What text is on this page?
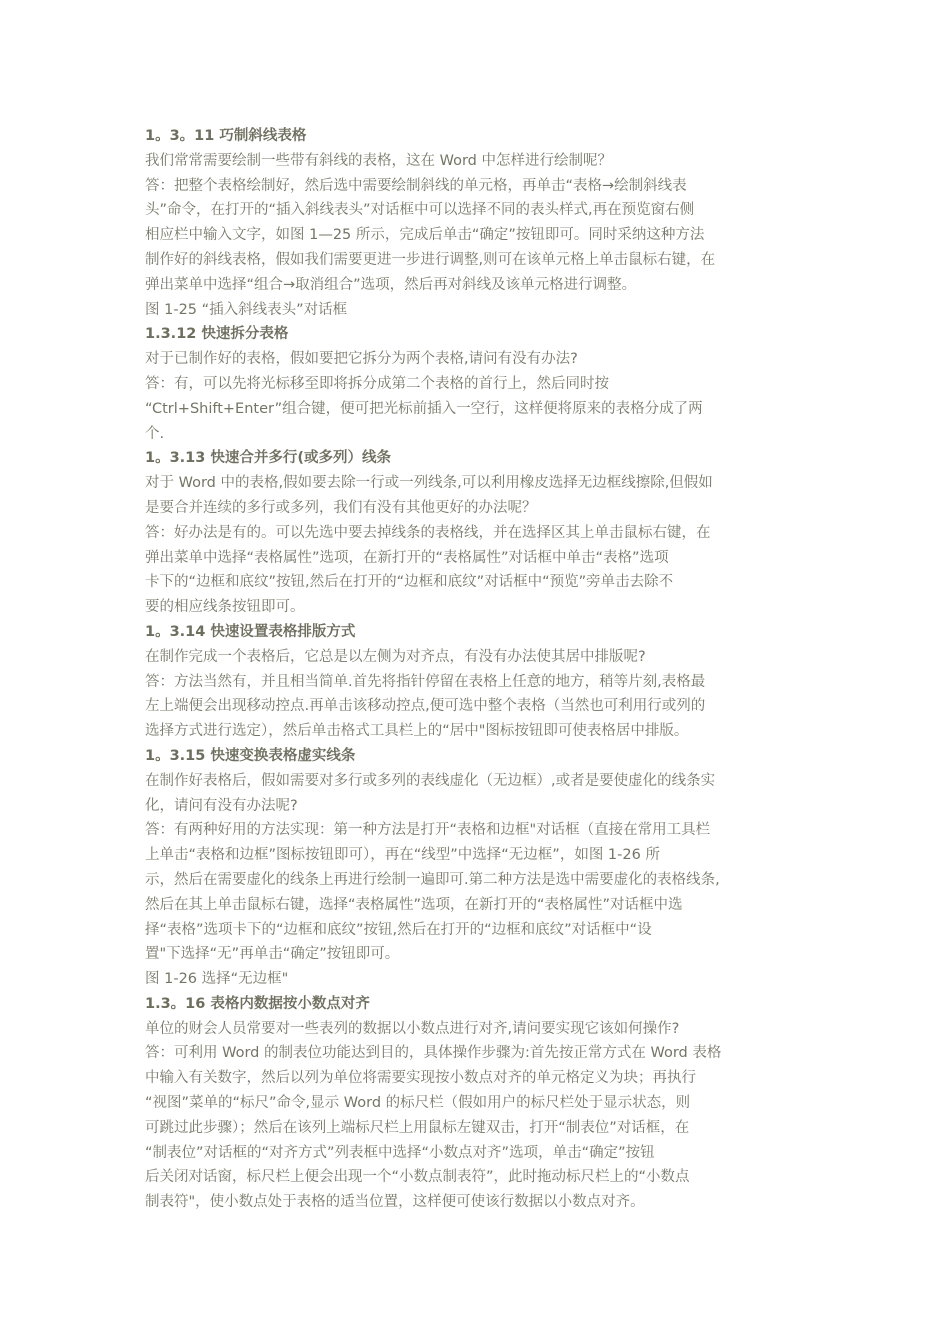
1。3。11 巧制斜线表格
我们常常需要绘制一些带有斜线的表格，这在 Word 中怎样进行绘制呢？
答：把整个表格绘制好，然后选中需要绘制斜线的单元格，再单击“表格→绘制斜线表
头”命令，在打开的“插入斜线表头”对话框中可以选择不同的表头样式,再在预览窗右侧
相应栏中输入文字，如图 1—25 所示，完成后单击“确定”按钮即可。同时采纳这种方法
制作好的斜线表格，假如我们需要更进一步进行调整,则可在该单元格上单击鼠标右键，在
弹出菜单中选择“组合→取消组合”选项，然后再对斜线及该单元格进行调整。
图 1-25 “插入斜线表头”对话框
1.3.12 快速拆分表格
对于已制作好的表格，假如要把它拆分为两个表格,请问有没有办法?
答：有，可以先将光标移至即将拆分成第二个表格的首行上，然后同时按
“Ctrl+Shift+Enter”组合键，便可把光标前插入一空行，这样便将原来的表格分成了两
个.
1。3.13 快速合并多行(或多列）线条
对于 Word 中的表格,假如要去除一行或一列线条,可以利用橡皮选择无边框线擦除,但假如
是要合并连续的多行或多列，我们有没有其他更好的办法呢？
答：好办法是有的。可以先选中要去掉线条的表格线，并在选择区其上单击鼠标右键，在
弹出菜单中选择“表格属性”选项，在新打开的“表格属性”对话框中单击“表格”选项
卡下的“边框和底纹”按钮,然后在打开的“边框和底纹”对话框中“预览”旁单击去除不
要的相应线条按钮即可。
1。3.14 快速设置表格排版方式
在制作完成一个表格后，它总是以左侧为对齐点，有没有办法使其居中排版呢?
答：方法当然有，并且相当简单.首先将指针停留在表格上任意的地方，稍等片刻,表格最
左上端便会出现移动控点.再单击该移动控点,便可选中整个表格（当然也可利用行或列的
选择方式进行选定），然后单击格式工具栏上的“居中"图标按钮即可使表格居中排版。
1。3.15 快速变换表格虚实线条
在制作好表格后，假如需要对多行或多列的表线虚化（无边框）,或者是要使虚化的线条实
化，请问有没有办法呢?
答：有两种好用的方法实现：第一种方法是打开“表格和边框"对话框（直接在常用工具栏
上单击“表格和边框”图标按钮即可），再在“线型”中选择“无边框”，如图 1-26 所
示，然后在需要虚化的线条上再进行绘制一遍即可.第二种方法是选中需要虚化的表格线条,
然后在其上单击鼠标右键，选择“表格属性”选项，在新打开的“表格属性”对话框中选
择“表格”选项卡下的“边框和底纹”按钮,然后在打开的“边框和底纹”对话框中“设
置"下选择“无”再单击“确定”按钮即可。
图 1-26 选择“无边框"
1.3。16 表格内数据按小数点对齐
单位的财会人员常要对一些表列的数据以小数点进行对齐,请问要实现它该如何操作?
答：可利用 Word 的制表位功能达到目的，具体操作步骤为:首先按正常方式在 Word 表格
中输入有关数字，然后以列为单位将需要实现按小数点对齐的单元格定义为块；再执行
“视图”菜单的“标尺”命令,显示 Word 的标尺栏（假如用户的标尺栏处于显示状态，则
可跳过此步骤）；然后在该列上端标尺栏上用鼠标左键双击，打开“制表位”对话框，在
“制表位”对话框的“对齐方式”列表框中选择“小数点对齐”选项，单击“确定”按钮
后关闭对话窗，标尺栏上便会出现一个“小数点制表符”，此时拖动标尺栏上的“小数点
制表符"，使小数点处于表格的适当位置，这样便可使该行数据以小数点对齐。
